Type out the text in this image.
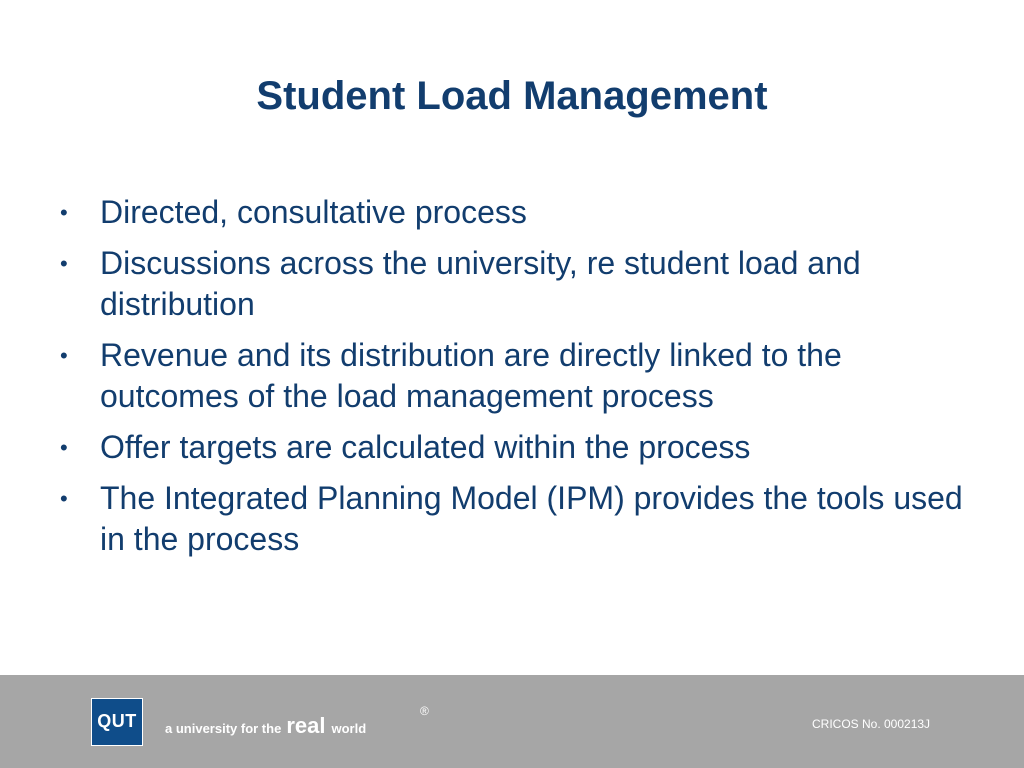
Student Load Management
• Directed, consultative process
• Discussions across the university, re student load and distribution
• Revenue and its distribution are directly linked to the outcomes of the load management process
• Offer targets are calculated within the process
• The Integrated Planning Model (IPM) provides the tools used in the process
QUT	a university for the real world
®
CRICOS No. 000213J
